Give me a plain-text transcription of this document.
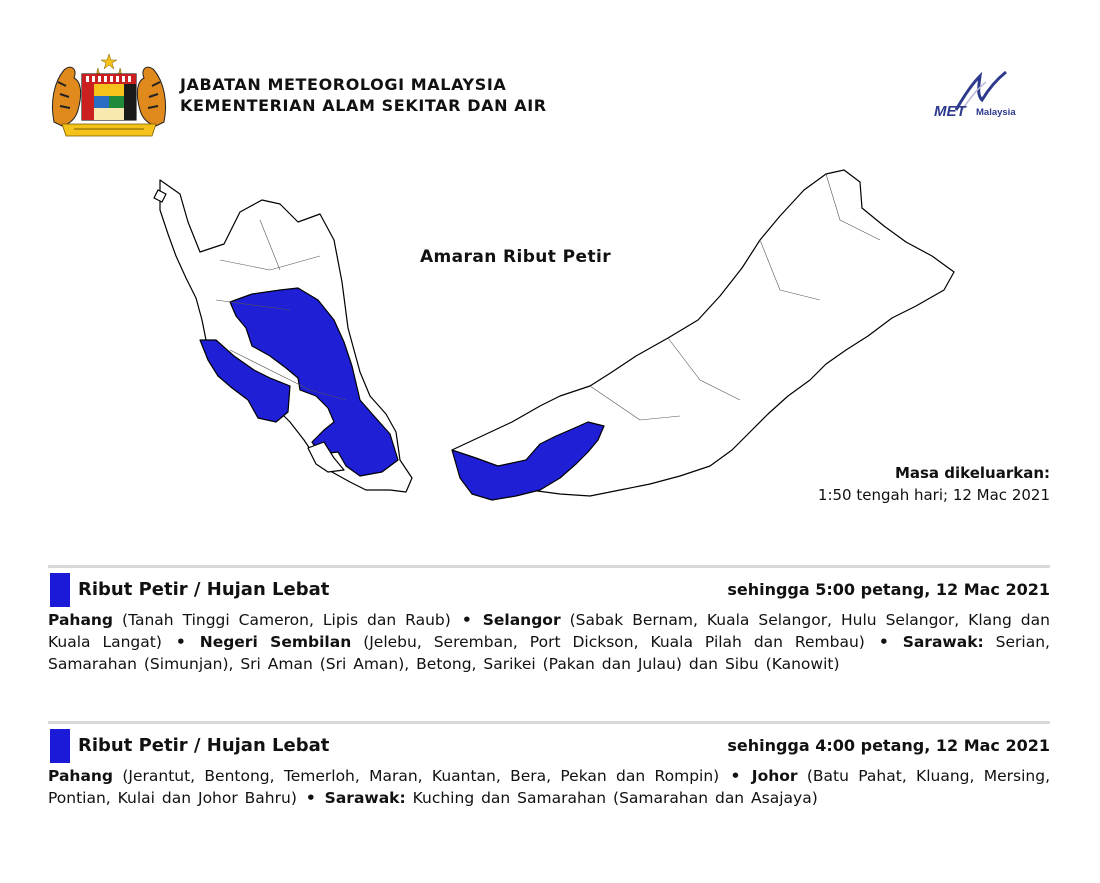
JABATAN METEOROLOGI MALAYSIA
KEMENTERIAN ALAM SEKITAR DAN AIR	MET Malaysia
Amaran Ribut Petir
Masa dikeluarkan:
1:50 tengah hari; 12 Mac 2021
Ribut Petir / Hujan Lebat	sehingga 5:00 petang, 12 Mac 2021
Pahang (Tanah Tinggi Cameron, Lipis dan Raub) • Selangor (Sabak Bernam, Kuala Selangor, Hulu Selangor, Klang dan Kuala Langat) • Negeri Sembilan (Jelebu, Seremban, Port Dickson, Kuala Pilah dan Rembau) • Sarawak: Serian, Samarahan (Simunjan), Sri Aman (Sri Aman), Betong, Sarikei (Pakan dan Julau) dan Sibu (Kanowit)
Ribut Petir / Hujan Lebat	sehingga 4:00 petang, 12 Mac 2021
Pahang (Jerantut, Bentong, Temerloh, Maran, Kuantan, Bera, Pekan dan Rompin) • Johor (Batu Pahat, Kluang, Mersing, Pontian, Kulai dan Johor Bahru) • Sarawak: Kuching dan Samarahan (Samarahan dan Asajaya)
